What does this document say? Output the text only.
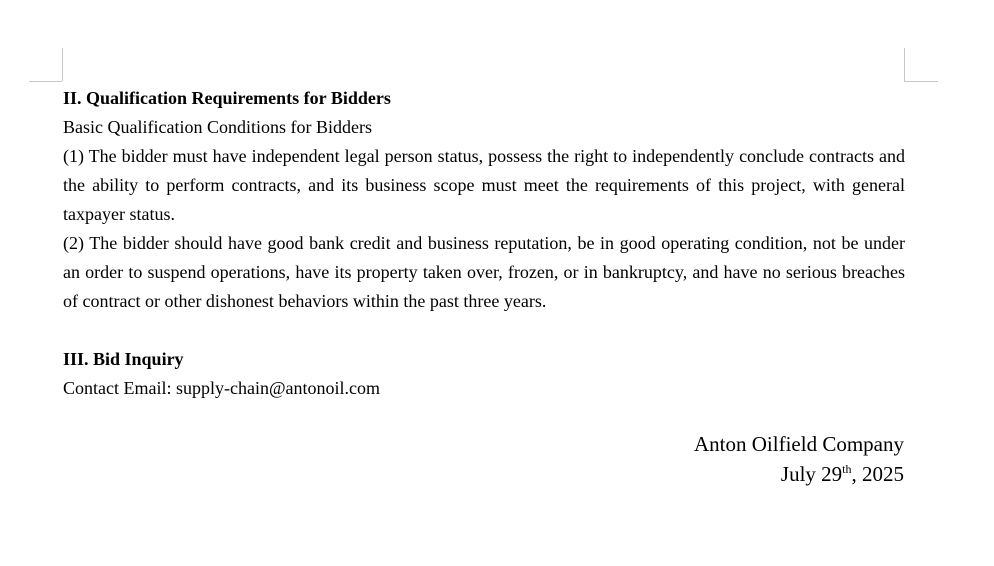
II. Qualification Requirements for Bidders

Basic Qualification Conditions for Bidders

(1) The bidder must have independent legal person status, possess the right to independently conclude contracts and the ability to perform contracts, and its business scope must meet the requirements of this project, with general taxpayer status.

(2) The bidder should have good bank credit and business reputation, be in good operating condition, not be under an order to suspend operations, have its property taken over, frozen, or in bankruptcy, and have no serious breaches of contract or other dishonest behaviors within the past three years.

III. Bid Inquiry

Contact Email: supply-chain@antonoil.com

Anton Oilfield Company
July 29th, 2025
